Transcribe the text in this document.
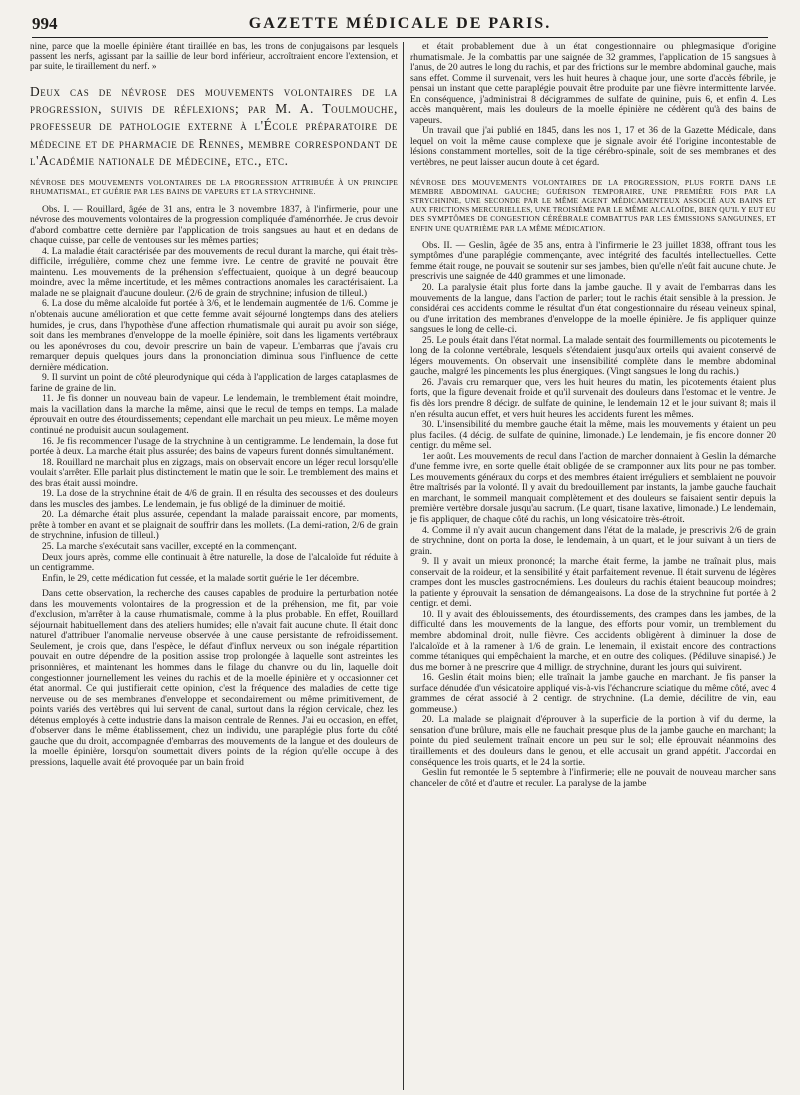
994	GAZETTE MÉDICALE DE PARIS.

nine, parce que la moelle épinière étant tiraillée en bas, les trons de conjugaisons par lesquels passent les nerfs, agissant par la saillie de leur bord inférieur, accroîtraient encore l'extension, et par suite, le tiraillement du nerf. »

Deux cas de névrose des mouvements volontaires de la progression, suivis de réflexions; par M. A. Toulmouche, professeur de pathologie externe à l'École préparatoire de médecine et de pharmacie de Rennes, membre correspondant de l'Académie nationale de médecine, etc., etc.

NÉVROSE DES MOUVEMENTS VOLONTAIRES DE LA PROGRESSION ATTRIBUÉE À UN PRINCIPE RHUMATISMAL, ET GUÉRIE PAR LES BAINS DE VAPEURS ET LA STRYCHNINE.

Obs. I. — Rouillard, âgée de 31 ans, entra le 3 novembre 1837, à l'infirmerie, pour une névrose des mouvements volontaires de la progression compliquée d'aménorrhée. Je crus devoir d'abord combattre cette dernière par l'application de trois sangsues au haut et en dedans de chaque cuisse, par celle de ventouses sur les mêmes parties;

4. La maladie était caractérisée par des mouvements de recul durant la marche, qui était très-difficile, irrégulière, comme chez une femme ivre. Le centre de gravité ne pouvait être maintenu. Les mouvements de la préhension s'effectuaient, quoique à un degré beaucoup moindre, avec la même incertitude, et les mêmes contractions anomales les caractérisaient. La malade ne se plaignait d'aucune douleur. (2/6 de grain de strychnine; infusion de tilleul.)

6. La dose du même alcaloïde fut portée à 3/6, et le lendemain augmentée de 1/6. Comme je n'obtenais aucune amélioration et que cette femme avait séjourné longtemps dans des ateliers humides, je crus, dans l'hypothèse d'une affection rhumatismale qui aurait pu avoir son siége, soit dans les membranes d'enveloppe de la moelle épinière, soit dans les ligaments vertébraux ou les aponévroses du cou, devoir prescrire un bain de vapeur. L'embarras que j'avais cru remarquer depuis quelques jours dans la prononciation diminua sous l'influence de cette dernière médication.

9. Il survint un point de côté pleurodynique qui céda à l'application de larges cataplasmes de farine de graine de lin.

11. Je fis donner un nouveau bain de vapeur. Le lendemain, le tremblement était moindre, mais la vacillation dans la marche la même, ainsi que le recul de temps en temps. La malade éprouvait en outre des étourdissements; cependant elle marchait un peu mieux. Le même moyen continué ne produisit aucun soulagement.

16. Je fis recommencer l'usage de la strychnine à un centigramme. Le lendemain, la dose fut portée à deux. La marche était plus assurée; des bains de vapeurs furent donnés simultanément.

18. Rouillard ne marchait plus en zigzags, mais on observait encore un léger recul lorsqu'elle voulait s'arrêter. Elle parlait plus distinctement le matin que le soir. Le tremblement des mains et des bras était aussi moindre.

19. La dose de la strychnine était de 4/6 de grain. Il en résulta des secousses et des douleurs dans les muscles des jambes. Le lendemain, je fus obligé de la diminuer de moitié.

20. La démarche était plus assurée, cependant la malade paraissait encore, par moments, prête à tomber en avant et se plaignait de souffrir dans les mollets. (La demi-ration, 2/6 de grain de strychnine, infusion de tilleul.)

25. La marche s'exécutait sans vaciller, excepté en la commençant.

Deux jours après, comme elle continuait à être naturelle, la dose de l'alcaloïde fut réduite à un centigramme.

Enfin, le 29, cette médication fut cessée, et la malade sortit guérie le 1er décembre.

Dans cette observation, la recherche des causes capables de produire la perturbation notée dans les mouvements volontaires de la progression et de la préhension, me fit, par voie d'exclusion, m'arrêter à la cause rhumatismale, comme à la plus probable. En effet, Rouillard séjournait habituellement dans des ateliers humides; elle n'avait fait aucune chute. Il était donc naturel d'attribuer l'anomalie nerveuse observée à une cause persistante de refroidissement. Seulement, je crois que, dans l'espèce, le défaut d'influx nerveux ou son inégale répartition pouvait en outre dépendre de la position assise trop prolongée à laquelle sont astreintes les prisonnières, et maintenant les hommes dans le filage du chanvre ou du lin, laquelle doit congestionner journellement les veines du rachis et de la moelle épinière et y occasionner cet état anormal. Ce qui justifierait cette opinion, c'est la fréquence des maladies de cette tige nerveuse ou de ses membranes d'enveloppe et secondairement ou même primitivement, de points variés des vertèbres qui lui servent de canal, surtout dans la région cervicale, chez les détenus employés à cette industrie dans la maison centrale de Rennes. J'ai eu occasion, en effet, d'observer dans le même établissement, chez un individu, une paraplégie plus forte du côté gauche que du droit, accompagnée d'embarras des mouvements de la langue et des douleurs de la moelle épinière, lorsqu'on soumettait divers points de la région qu'elle occupe à des pressions, laquelle avait été provoquée par un bain froid

et était probablement due à un état congestionnaire ou phlegmasique d'origine rhumatismale. Je la combattis par une saignée de 32 grammes, l'application de 15 sangsues à l'anus, de 20 autres le long du rachis, et par des frictions sur le membre abdominal gauche, mais sans effet. Comme il survenait, vers les huit heures à chaque jour, une sorte d'accès fébrile, je pensai un instant que cette paraplégie pouvait être produite par une fièvre intermittente larvée. En conséquence, j'administrai 8 décigrammes de sulfate de quinine, puis 6, et enfin 4. Les accès manquèrent, mais les douleurs de la moelle épinière ne cédèrent qu'à des bains de vapeurs.

Un travail que j'ai publié en 1845, dans les nos 1, 17 et 36 de la Gazette Médicale, dans lequel on voit la même cause complexe que je signale avoir été l'origine incontestable de lésions constamment mortelles, soit de la tige cérébro-spinale, soit de ses membranes et des vertèbres, ne peut laisser aucun doute à cet égard.

NÉVROSE DES MOUVEMENTS VOLONTAIRES DE LA PROGRESSION, PLUS FORTE DANS LE MEMBRE ABDOMINAL GAUCHE; GUÉRISON TEMPORAIRE, UNE PREMIÈRE FOIS PAR LA STRYCHNINE, UNE SECONDE PAR LE MÊME AGENT MÉDICAMENTEUX ASSOCIÉ AUX BAINS ET AUX FRICTIONS MERCURIELLES, UNE TROISIÈME PAR LE MÊME ALCALOÏDE, BIEN QU'IL Y EUT EU DES SYMPTÔMES DE CONGESTION CÉRÉBRALE COMBATTUS PAR LES ÉMISSIONS SANGUINES, ET ENFIN UNE QUATRIÈME PAR LA MÊME MÉDICATION.

Obs. II. — Geslin, âgée de 35 ans, entra à l'infirmerie le 23 juillet 1838, offrant tous les symptômes d'une paraplégie commençante, avec intégrité des facultés intellectuelles. Cette femme était rouge, ne pouvait se soutenir sur ses jambes, bien qu'elle n'eût fait aucune chute. Je prescrivis une saignée de 440 grammes et une limonade.

20. La paralysie était plus forte dans la jambe gauche. Il y avait de l'embarras dans les mouvements de la langue, dans l'action de parler; tout le rachis était sensible à la pression. Je considérai ces accidents comme le résultat d'un état congestionnaire du réseau veineux spinal, ou d'une irritation des membranes d'enveloppe de la moelle épinière. Je fis appliquer quinze sangsues le long de celle-ci.

25. Le pouls était dans l'état normal. La malade sentait des fourmillements ou picotements le long de la colonne vertébrale, lesquels s'étendaient jusqu'aux orteils qui avaient conservé de légers mouvements. On observait une insensibilité complète dans le membre abdominal gauche, malgré les pincements les plus énergiques. (Vingt sangsues le long du rachis.)

26. J'avais cru remarquer que, vers les huit heures du matin, les picotements étaient plus forts, que la figure devenait froide et qu'il survenait des douleurs dans l'estomac et le ventre. Je fis dès lors prendre 8 décigr. de sulfate de quinine, le lendemain 12 et le jour suivant 8; mais il n'en résulta aucun effet, et vers huit heures les accidents furent les mêmes.

30. L'insensibilité du membre gauche était la même, mais les mouvements y étaient un peu plus faciles. (4 décig. de sulfate de quinine, limonade.) Le lendemain, je fis encore donner 20 centigr. du même sel.

1er août. Les mouvements de recul dans l'action de marcher donnaient à Geslin la démarche d'une femme ivre, en sorte quelle était obligée de se cramponner aux lits pour ne pas tomber. Les mouvements généraux du corps et des membres étaient irréguliers et semblaient ne pouvoir être maîtrisés par la volonté. Il y avait du bredouillement par instants, la jambe gauche fauchait en marchant, le sommeil manquait complètement et des douleurs se faisaient sentir depuis la première vertèbre dorsale jusqu'au sacrum. (Le quart, tisane laxative, limonade.) Le lendemain, je fis appliquer, de chaque côté du rachis, un long vésicatoire très-étroit.

4. Comme il n'y avait aucun changement dans l'état de la malade, je prescrivis 2/6 de grain de strychnine, dont on porta la dose, le lendemain, à un quart, et le jour suivant à un tiers de grain.

9. Il y avait un mieux prononcé; la marche était ferme, la jambe ne traînait plus, mais conservait de la roideur, et la sensibilité y était parfaitement revenue. Il était survenu de légères crampes dont les muscles gastrocnémiens. Les douleurs du rachis étaient beaucoup moindres; la patiente y éprouvait la sensation de démangeaisons. La dose de la strychnine fut portée à 2 centigr. et demi.

10. Il y avait des éblouissements, des étourdissements, des crampes dans les jambes, de la difficulté dans les mouvements de la langue, des efforts pour vomir, un tremblement du membre abdominal droit, nulle fièvre. Ces accidents obligèrent à diminuer la dose de l'alcaloïde et à la ramener à 1/6 de grain. Le lenemain, il existait encore des contractions comme tétaniques qui empêchaient la marche, et en outre des coliques. (Pédiluve sinapisé.) Je dus me borner à ne prescrire que 4 milligr. de strychnine, durant les jours qui suivirent.

16. Geslin était moins bien; elle traînait la jambe gauche en marchant. Je fis panser la surface dénudée d'un vésicatoire appliqué vis-à-vis l'échancrure sciatique du même côté, avec 4 grammes de cérat associé à 2 centigr. de strychnine. (La demie, décilitre de vin, eau gommeuse.)

20. La malade se plaignait d'éprouver à la superficie de la portion à vif du derme, la sensation d'une brûlure, mais elle ne fauchait presque plus de la jambe gauche en marchant; la pointe du pied seulement traînait encore un peu sur le sol; elle éprouvait néanmoins des tiraillements et des douleurs dans le genou, et elle accusait un grand appétit. J'accordai en conséquence les trois quarts, et le 24 la sortie.

Geslin fut remontée le 5 septembre à l'infirmerie; elle ne pouvait de nouveau marcher sans chanceler de côté et d'autre et reculer. La paralyse de la jambe
